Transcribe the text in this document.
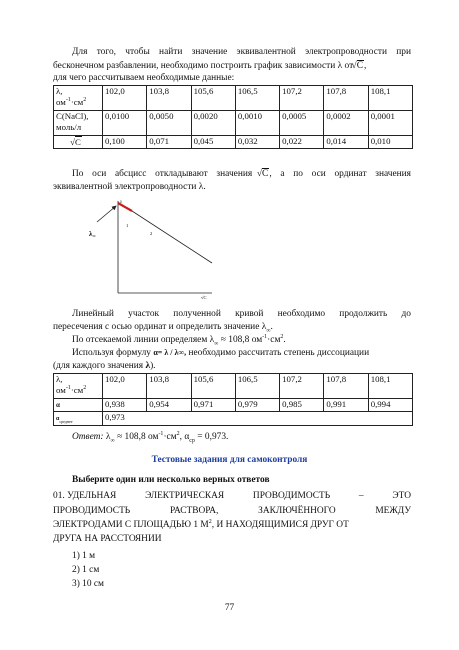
Для того, чтобы найти значение эквивалентной электропроводности при
бесконечном разбавлении, необходимо построить график зависимости λ от √ C,
для чего рассчитываем необходимые данные:
λ,
$ом^{-1}\cdot см^2$	102,0	103,8	105,6	106,5	107,2	107,8	108,1
C(NaCl),
моль/л	0,0100	0,0050	0,0020	0,0010	0,0005	0,0002	0,0001
√ C	0,100	0,071	0,045	0,032	0,022	0,014	0,010
По оси абсцисс откладывают значения √ C, а по оси ординат значения
эквивалентной электропроводности λ.
λ
1
2
√C
$\lambda_\infty$
Линейный участок полученной кривой необходимо продолжить до
пересечения с осью ординат и определить значение $\lambda_\infty$.
По отсекаемой линии определяем $\lambda_\infty \approx 108,8$ $ом^{-1}\cdot см^2$.
Используя формулу α= λ / λ∞, необходимо рассчитать степень диссоциации
(для каждого значения λ).
λ,
$ом^{-1}\cdot см^2$	102,0	103,8	105,6	106,5	107,2	107,8	108,1
α	0,938	0,954	0,971	0,979	0,985	0,991	0,994
$\alpha_{среднее}$	0,973						
Ответ: $\lambda_\infty \approx 108,8$ $ом^{-1}\cdot см^2$, $\alpha_{ср} = 0,973$.
Тестовые задания для самоконтроля
Выберите один или несколько верных ответов
01. УДЕЛЬНАЯ	ЭЛЕКТРИЧЕСКАЯ	ПРОВОДИМОСТЬ	–	ЭТО
ПРОВОДИМОСТЬ	РАСТВОРА,	ЗАКЛЮЧЁННОГО	МЕЖДУ
ЭЛЕКТРОДАМИ С ПЛОЩАДЬЮ 1 $М^2$, И НАХОДЯЩИМИСЯ ДРУГ ОТ
ДРУГА НА РАССТОЯНИИ
1) 1 м
2) 1 см
3) 10 см
77
